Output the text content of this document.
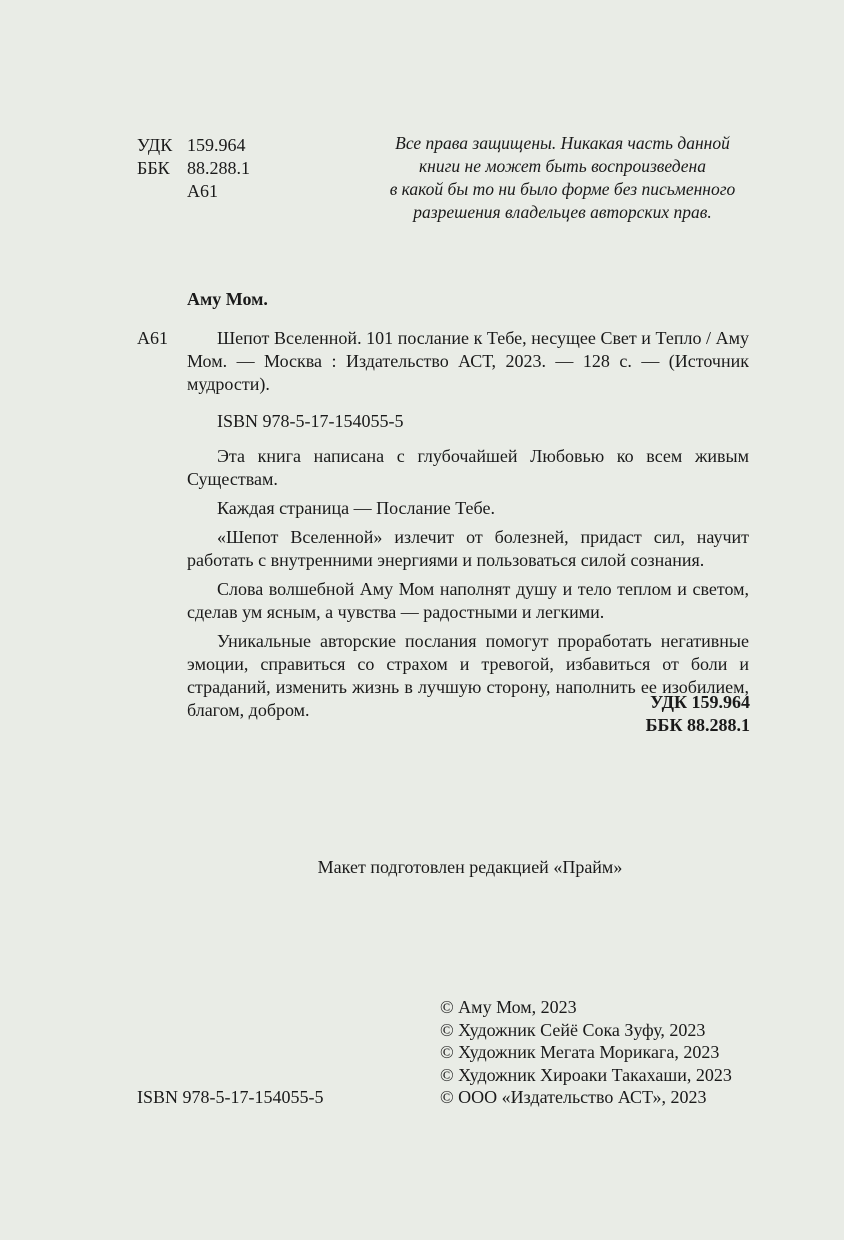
УДК 159.964
ББК 88.288.1
А61
Все права защищены. Никакая часть данной
книги не может быть воспроизведена
в какой бы то ни было форме без письменного
разрешения владельцев авторских прав.
Аму Мом.
А61	Шепот Вселенной. 101 послание к Тебе, несущее Свет и Тепло / Аму Мом. — Москва : Издательство АСТ, 2023. — 128 с. — (Источник мудрости).

ISBN 978-5-17-154055-5

Эта книга написана с глубочайшей Любовью ко всем живым Существам.

Каждая страница — Послание Тебе.

«Шепот Вселенной» излечит от болезней, придаст сил, научит работать с внутренними энергиями и пользоваться силой сознания.

Слова волшебной Аму Мом наполнят душу и тело теплом и светом, сделав ум ясным, а чувства — радостными и легкими.

Уникальные авторские послания помогут проработать негативные эмоции, справиться со страхом и тревогой, избавиться от боли и страданий, изменить жизнь в лучшую сторону, наполнить ее изобилием, благом, добром.	УДК 159.964
ББК 88.288.1
Макет подготовлен редакцией «Прайм»
© Аму Мом, 2023
© Художник Сейё Сока Зуфу, 2023
© Художник Мегата Морикага, 2023
© Художник Хироаки Такахаши, 2023
© ООО «Издательство АСТ», 2023
ISBN 978-5-17-154055-5
